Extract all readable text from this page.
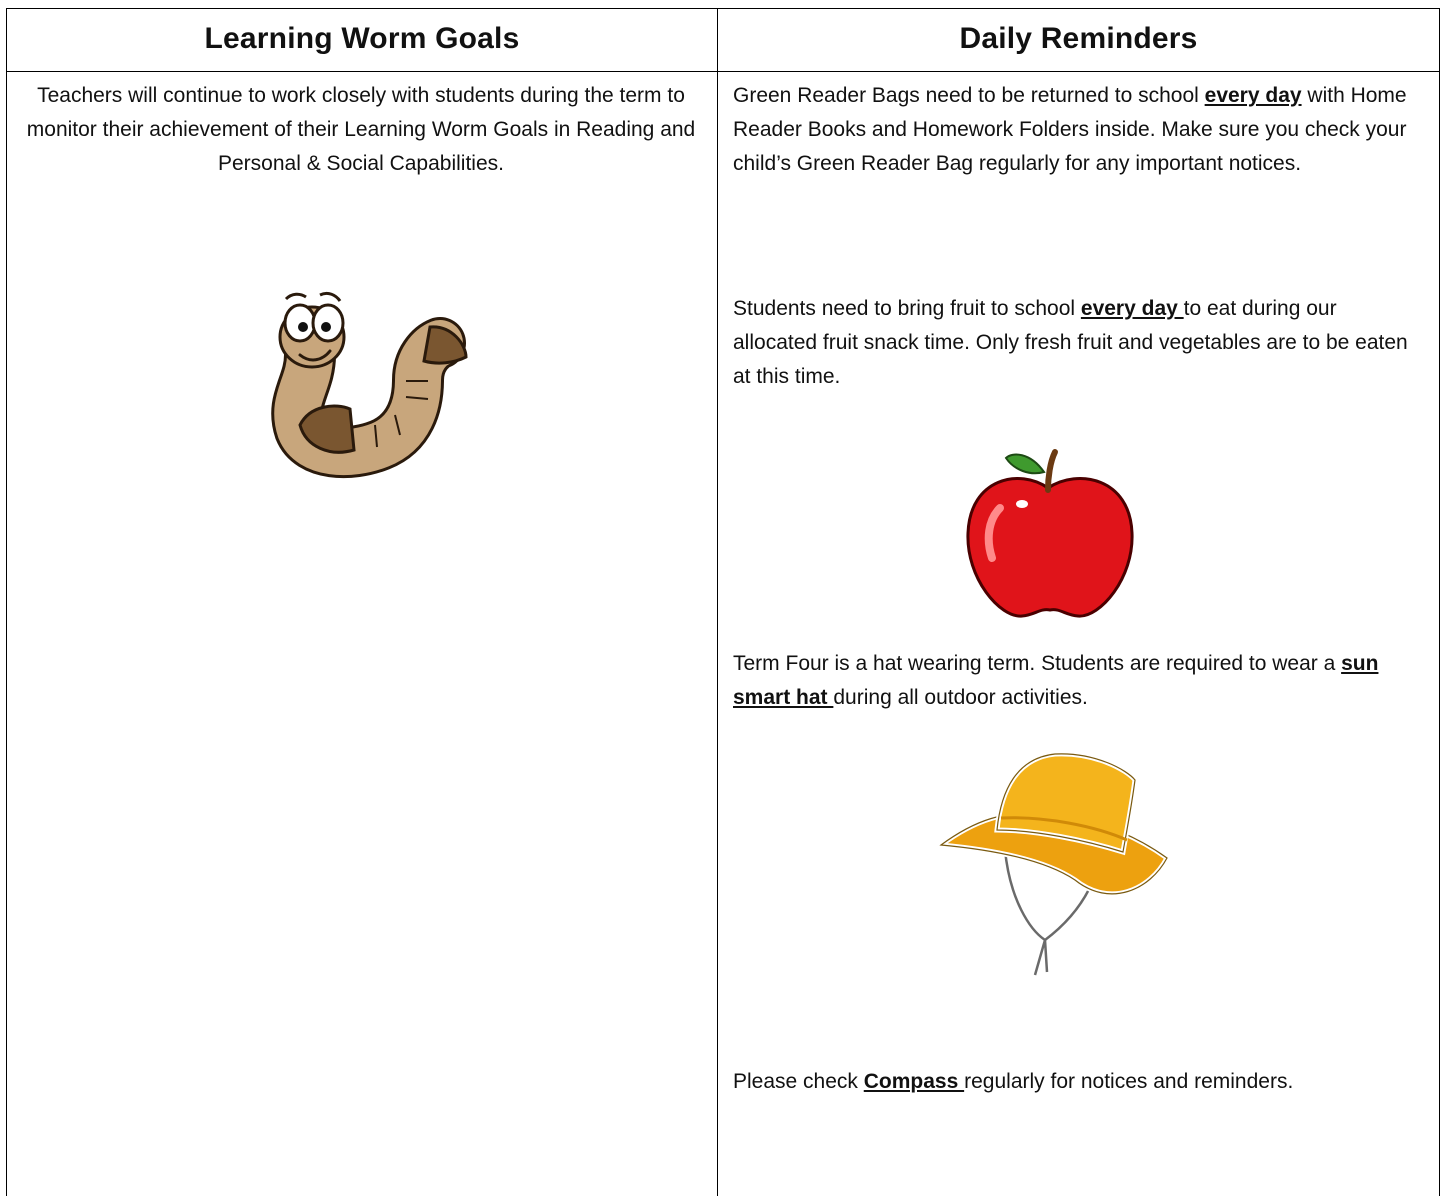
Learning Worm Goals	Daily Reminders
Teachers will continue to work closely with students during the term to monitor their achievement of their Learning Worm Goals in Reading and Personal & Social Capabilities.
Green Reader Bags need to be returned to school every day with Home Reader Books and Homework Folders inside. Make sure you check your child’s Green Reader Bag regularly for any important notices.
Students need to bring fruit to school every day to eat during our allocated fruit snack time. Only fresh fruit and vegetables are to be eaten at this time.
Term Four is a hat wearing term. Students are required to wear a sun smart hat during all outdoor activities.
Please check Compass regularly for notices and reminders.
